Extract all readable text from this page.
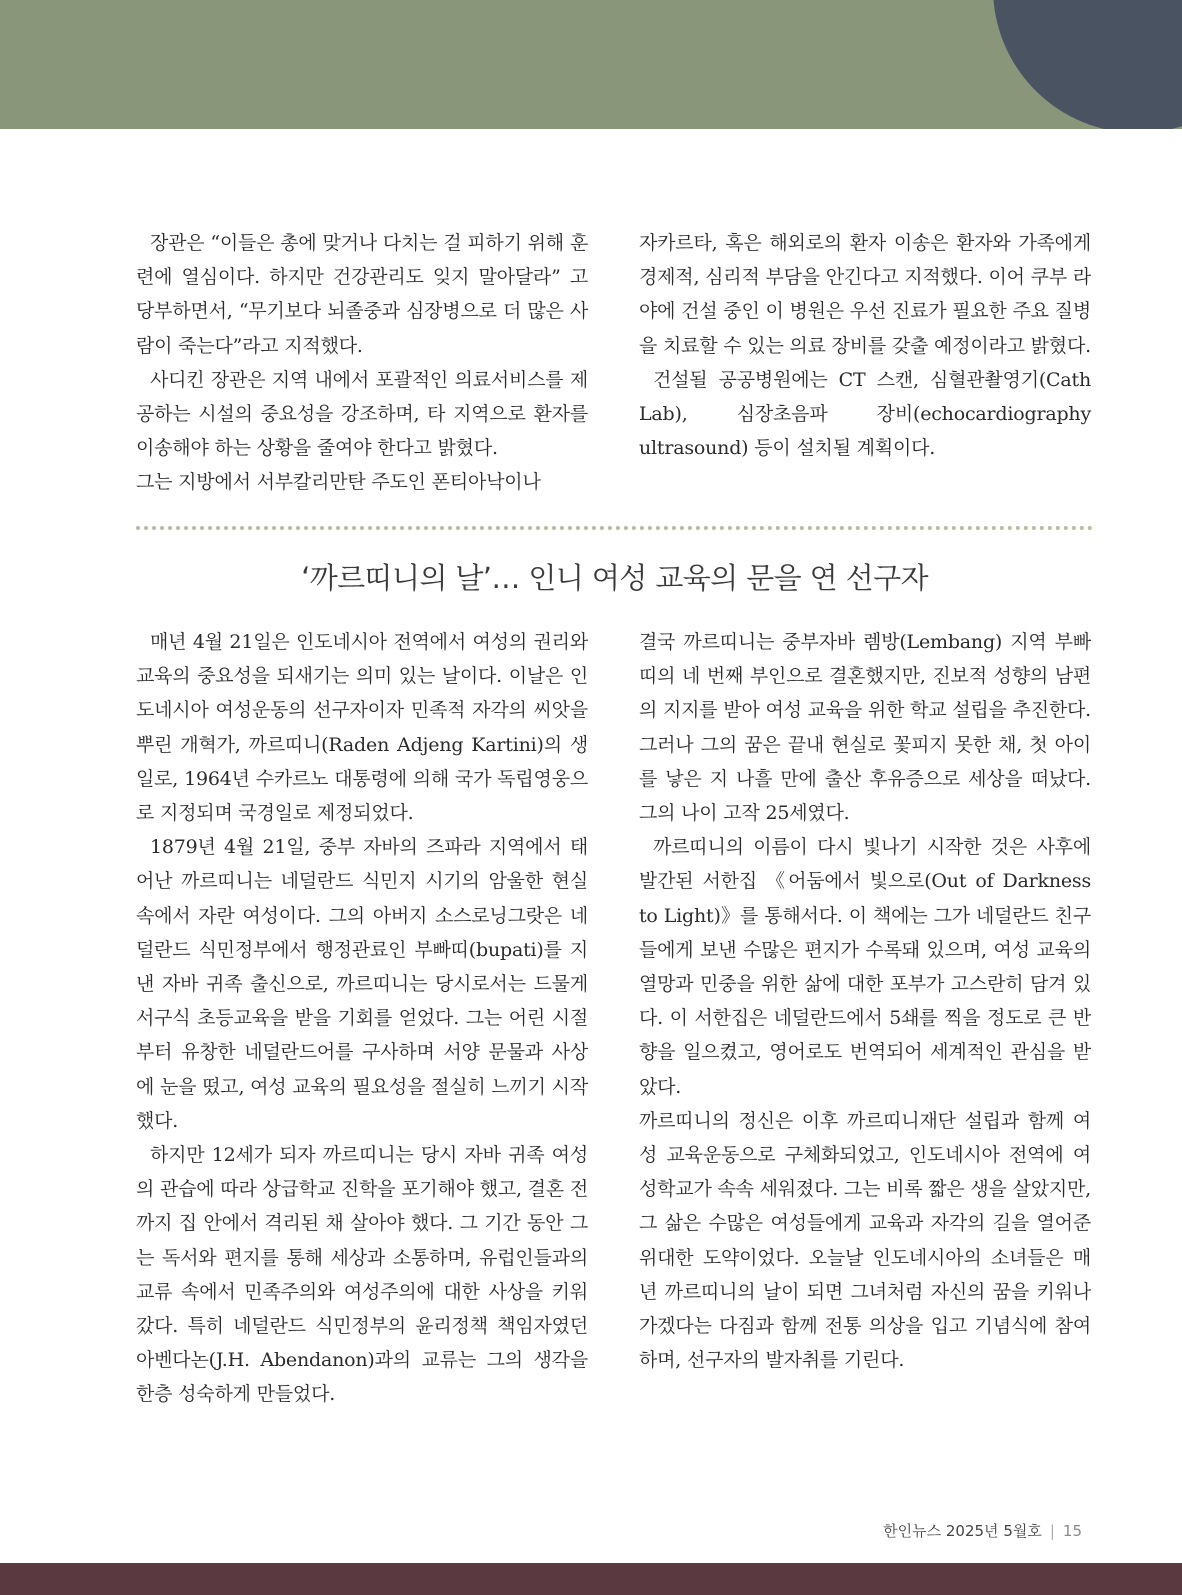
장관은 “이들은 총에 맞거나 다치는 걸 피하기 위해 훈련에 열심이다. 하지만 건강관리도 잊지 말아달라” 고 당부하면서, “무기보다 뇌졸중과 심장병으로 더 많은 사람이 죽는다”라고 지적했다.

사디킨 장관은 지역 내에서 포괄적인 의료서비스를 제공하는 시설의 중요성을 강조하며, 타 지역으로 환자를 이송해야 하는 상황을 줄여야 한다고 밝혔다.

그는 지방에서 서부칼리만탄 주도인 폰티아낙이나

자카르타, 혹은 해외로의 환자 이송은 환자와 가족에게 경제적, 심리적 부담을 안긴다고 지적했다. 이어 쿠부 라야에 건설 중인 이 병원은 우선 진료가 필요한 주요 질병을 치료할 수 있는 의료 장비를 갖출 예정이라고 밝혔다.

건설될 공공병원에는 CT 스캔, 심혈관촬영기(Cath Lab), 심장초음파 장비(echocardiography ultrasound) 등이 설치될 계획이다.

‘까르띠니의 날’… 인니 여성 교육의 문을 연 선구자

매년 4월 21일은 인도네시아 전역에서 여성의 권리와 교육의 중요성을 되새기는 의미 있는 날이다. 이날은 인도네시아 여성운동의 선구자이자 민족적 자각의 씨앗을 뿌린 개혁가, 까르띠니(Raden Adjeng Kartini)의 생일로, 1964년 수카르노 대통령에 의해 국가 독립영웅으로 지정되며 국경일로 제정되었다.

1879년 4월 21일, 중부 자바의 즈파라 지역에서 태어난 까르띠니는 네덜란드 식민지 시기의 암울한 현실 속에서 자란 여성이다. 그의 아버지 소스로닝그랏은 네덜란드 식민정부에서 행정관료인 부빠띠(bupati)를 지낸 자바 귀족 출신으로, 까르띠니는 당시로서는 드물게 서구식 초등교육을 받을 기회를 얻었다. 그는 어린 시절부터 유창한 네덜란드어를 구사하며 서양 문물과 사상에 눈을 떴고, 여성 교육의 필요성을 절실히 느끼기 시작했다.

하지만 12세가 되자 까르띠니는 당시 자바 귀족 여성의 관습에 따라 상급학교 진학을 포기해야 했고, 결혼 전까지 집 안에서 격리된 채 살아야 했다. 그 기간 동안 그는 독서와 편지를 통해 세상과 소통하며, 유럽인들과의 교류 속에서 민족주의와 여성주의에 대한 사상을 키워갔다. 특히 네덜란드 식민정부의 윤리정책 책임자였던 아벤다논(J.H. Abendanon)과의 교류는 그의 생각을 한층 성숙하게 만들었다.

결국 까르띠니는 중부자바 렘방(Lembang) 지역 부빠띠의 네 번째 부인으로 결혼했지만, 진보적 성향의 남편의 지지를 받아 여성 교육을 위한 학교 설립을 추진한다. 그러나 그의 꿈은 끝내 현실로 꽃피지 못한 채, 첫 아이를 낳은 지 나흘 만에 출산 후유증으로 세상을 떠났다. 그의 나이 고작 25세였다.

까르띠니의 이름이 다시 빛나기 시작한 것은 사후에 발간된 서한집 《어둠에서 빛으로(Out of Darkness to Light)》를 통해서다. 이 책에는 그가 네덜란드 친구들에게 보낸 수많은 편지가 수록돼 있으며, 여성 교육의 열망과 민중을 위한 삶에 대한 포부가 고스란히 담겨 있다. 이 서한집은 네덜란드에서 5쇄를 찍을 정도로 큰 반향을 일으켰고, 영어로도 번역되어 세계적인 관심을 받았다.

까르띠니의 정신은 이후 까르띠니재단 설립과 함께 여성 교육운동으로 구체화되었고, 인도네시아 전역에 여성학교가 속속 세워졌다. 그는 비록 짧은 생을 살았지만, 그 삶은 수많은 여성들에게 교육과 자각의 길을 열어준 위대한 도약이었다. 오늘날 인도네시아의 소녀들은 매년 까르띠니의 날이 되면 그녀처럼 자신의 꿈을 키워나가겠다는 다짐과 함께 전통 의상을 입고 기념식에 참여하며, 선구자의 발자취를 기린다.

한인뉴스 2025년 5월호 | 15
